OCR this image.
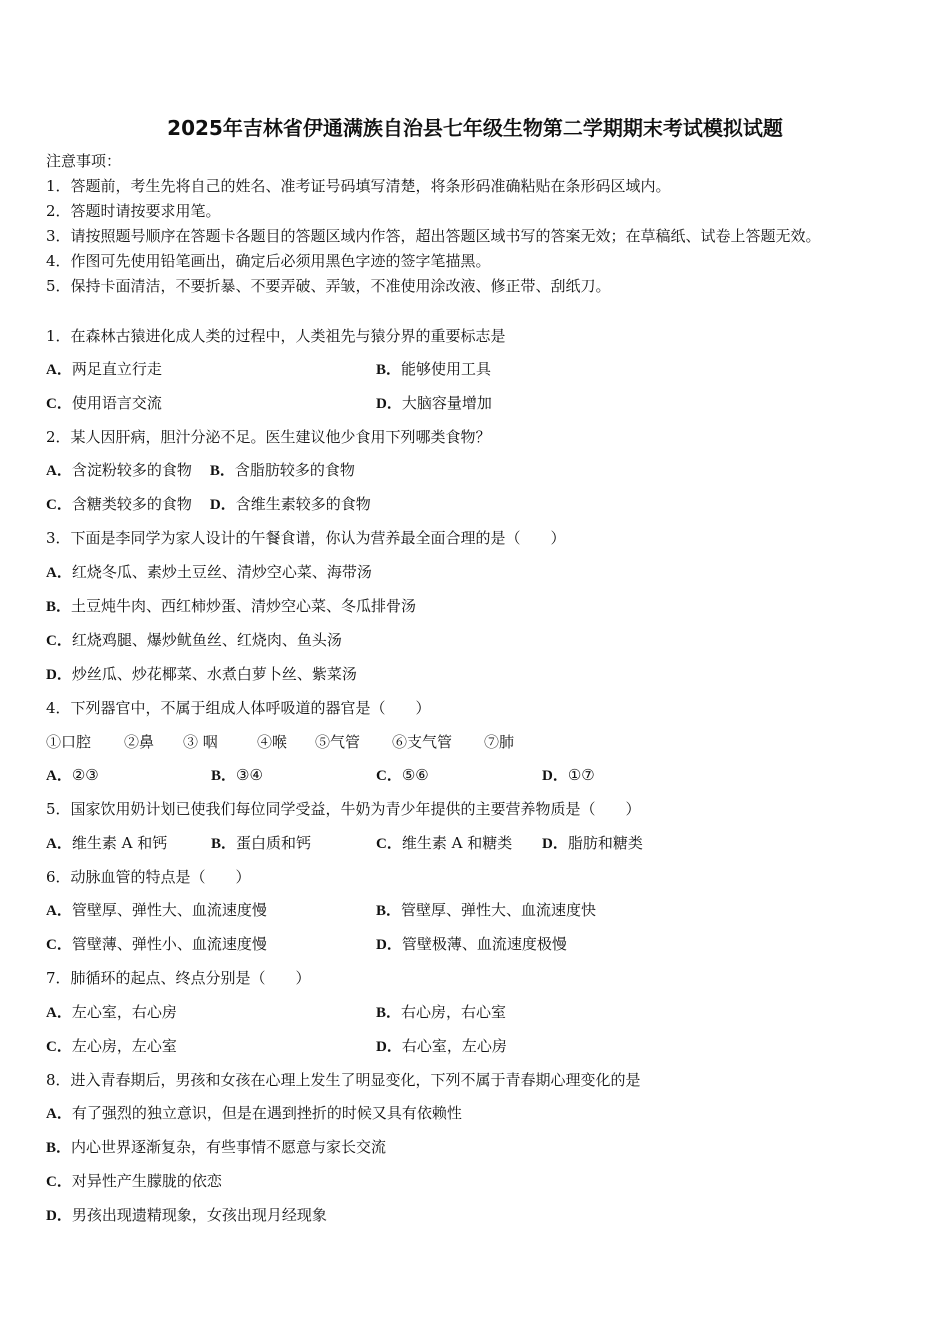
2025年吉林省伊通满族自治县七年级生物第二学期期末考试模拟试题
注意事项：
1．答题前，考生先将自己的姓名、准考证号码填写清楚，将条形码准确粘贴在条形码区域内。
2．答题时请按要求用笔。
3．请按照题号顺序在答题卡各题目的答题区域内作答，超出答题区域书写的答案无效；在草稿纸、试卷上答题无效。
4．作图可先使用铅笔画出，确定后必须用黑色字迹的签字笔描黑。
5．保持卡面清洁，不要折暴、不要弄破、弄皱，不准使用涂改液、修正带、刮纸刀。
1．在森林古猿进化成人类的过程中，人类祖先与猿分界的重要标志是
A．两足直立行走	B．能够使用工具
C．使用语言交流	D．大脑容量增加
2．某人因肝病，胆汁分泌不足。医生建议他少食用下列哪类食物？
A．含淀粉较多的食物 B．含脂肪较多的食物
C．含糖类较多的食物 D．含维生素较多的食物
3．下面是李同学为家人设计的午餐食谱，你认为营养最全面合理的是（　　）
A．红烧冬瓜、素炒土豆丝、清炒空心菜、海带汤
B．土豆炖牛肉、西红柿炒蛋、清炒空心菜、冬瓜排骨汤
C．红烧鸡腿、爆炒鱿鱼丝、红烧肉、鱼头汤
D．炒丝瓜、炒花椰菜、水煮白萝卜丝、紫菜汤
4．下列器官中，不属于组成人体呼吸道的器官是（　　）
①口腔 ②鼻 ③ 咽	④喉 ⑤气管 ⑥支气管 ⑦肺
A．②③	B．③④	C．⑤⑥	D．①⑦
5．国家饮用奶计划已使我们每位同学受益，牛奶为青少年提供的主要营养物质是（　　）
A．维生素 A 和钙	B．蛋白质和钙	C．维生素 A 和糖类 D．脂肪和糖类
6．动脉血管的特点是（　　）
A．管壁厚、弹性大、血流速度慢	B．管壁厚、弹性大、血流速度快
C．管壁薄、弹性小、血流速度慢	D．管壁极薄、血流速度极慢
7．肺循环的起点、终点分别是（　　）
A．左心室，右心房	B．右心房，右心室
C．左心房，左心室	D．右心室，左心房
8．进入青春期后，男孩和女孩在心理上发生了明显变化，下列不属于青春期心理变化的是
A．有了强烈的独立意识，但是在遇到挫折的时候又具有依赖性
B．内心世界逐渐复杂，有些事情不愿意与家长交流
C．对异性产生朦胧的依恋
D．男孩出现遗精现象，女孩出现月经现象
